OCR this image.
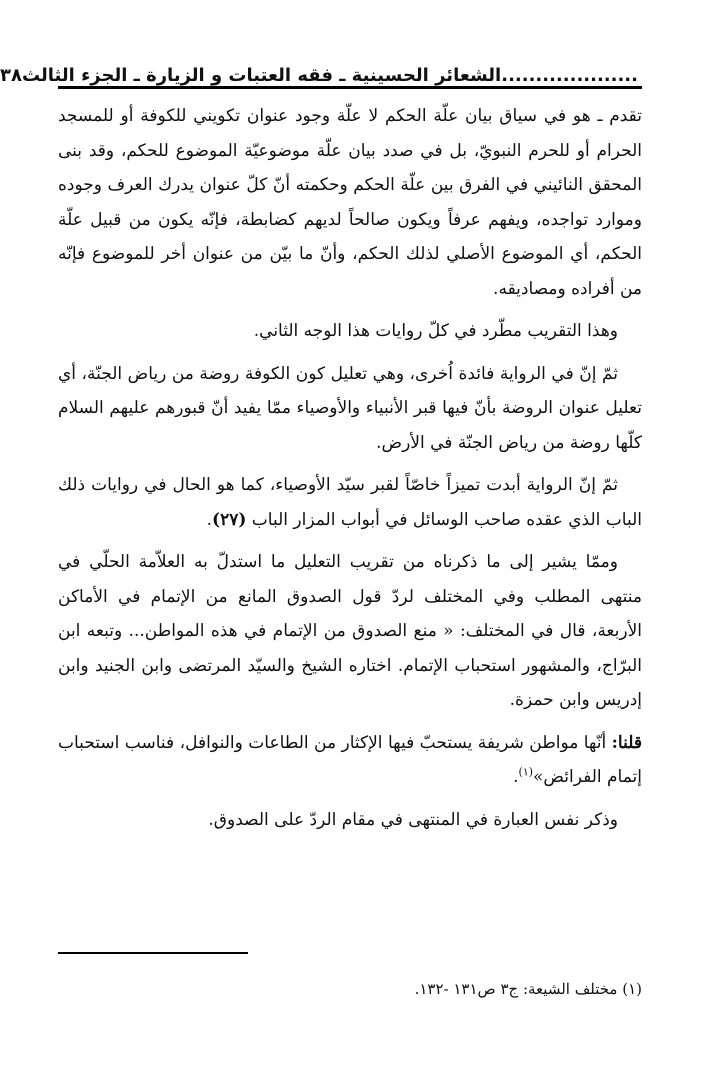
....................الشعائر الحسينية ـ فقه العتبات و الزيارة ـ الجزء الثالث
٣٨

تقدم ـ هو في سياق بيان علّة الحكم لا علّة وجود عنوان تكويني للكوفة أو للمسجد الحرام أو للحرم النبويّ، بل في صدد بيان علّة موضوعيّة الموضوع للحكم، وقد بنى المحقق النائيني في الفرق بين علّة الحكم وحكمته أنّ كلّ عنوان يدرك العرف وجوده وموارد تواجده، ويفهم عرفاً ويكون صالحاً لديهم كضابطة، فإنّه يكون من قبيل علّة الحكم، أي الموضوع الأصلي لذلك الحكم، وأنّ ما بيّن من عنوان أخر للموضوع فإنّه من أفراده ومصاديقه.

وهذا التقريب مطّرد في كلّ روايات هذا الوجه الثاني.

ثمّ إنّ في الرواية فائدة اُخرى، وهي تعليل كون الكوفة روضة من رياض الجنّة، أي تعليل عنوان الروضة بأنّ فيها قبر الأنبياء والأوصياء ممّا يفيد أنّ قبورهم عليهم السلام كلّها روضة من رياض الجنّة في الأرض.

ثمّ إنّ الرواية أبدت تميزاً خاصّاً لقبر سيّد الأوصياء، كما هو الحال في روايات ذلك الباب الذي عقده صاحب الوسائل في أبواب المزار الباب (٢٧).

وممّا يشير إلى ما ذكرناه من تقريب التعليل ما استدلّ به العلاّمة الحلّي في منتهى المطلب وفي المختلف لردّ قول الصدوق المانع من الإتمام في الأماكن الأربعة، قال في المختلف: « منع الصدوق من الإتمام في هذه المواطن... وتبعه ابن البرّاج، والمشهور استحباب الإتمام. اختاره الشيخ والسيّد المرتضى وابن الجنيد وابن إدريس وابن حمزة.

قلنا: أنّها مواطن شريفة يستحبّ فيها الإكثار من الطاعات والنوافل، فناسب استحباب إتمام الفرائض»$^{(١)}$.

وذكر نفس العبارة في المنتهى في مقام الردّ على الصدوق.

(١) مختلف الشيعة: ج٣ ص١٣١ -١٣٢.
